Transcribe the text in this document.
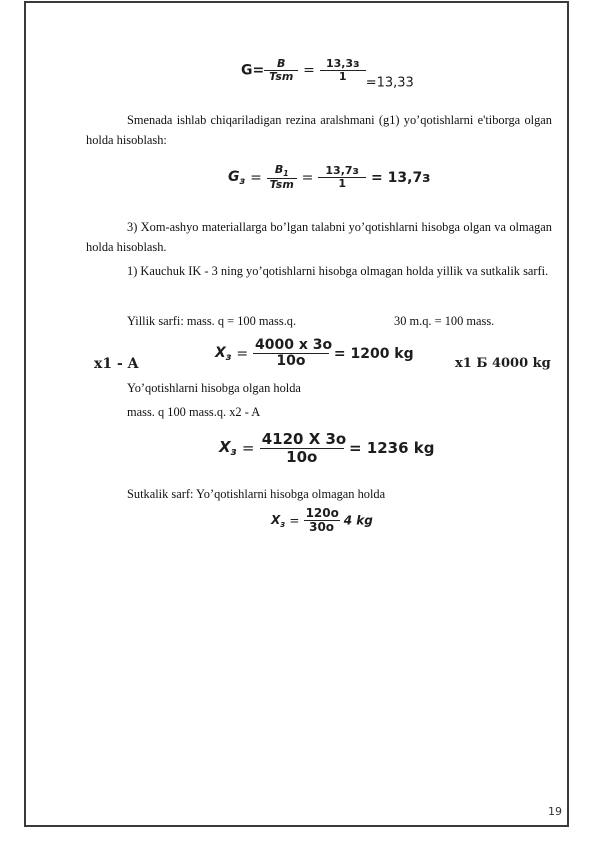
$G= \frac{B}{\text{Tsm}} = \frac{13,3з}{1} =13,33$

Smenada ishlab chiqariladigan rezina aralshmani (g1) yo’qotishlarni e'tiborga olgan holda hisoblash:

$G_з = \frac{B_1}{\text{Tsm}} = \frac{13,7з}{1} = 13,7з$

3) Xom-ashyo materiallarga bo’lgan talabni yo’qotishlarni hisobga olgan va olmagan holda hisoblash.

1) Kauchuk IK - 3 ning yo’qotishlarni hisobga olmagan holda yillik va sutkalik sarfi.

Yillik sarfi: mass. q = 100 mass.q.	30 m.q. = 100 mass.
x1 - A
$X_з = \frac{4000 х 3о}{10о} = 1200$ kg
x1 Б 4000 kg
Yo’qotishlarni hisobga olgan holda
mass. q 100 mass.q. x2 - A
$X_з = \frac{4120 X 3о}{10о} = 1236$ kg
Sutkalik sarf: Yo’qotishlarni hisobga olmagan holda
$X_з = \frac{120о}{30о} 4$ kg
19
